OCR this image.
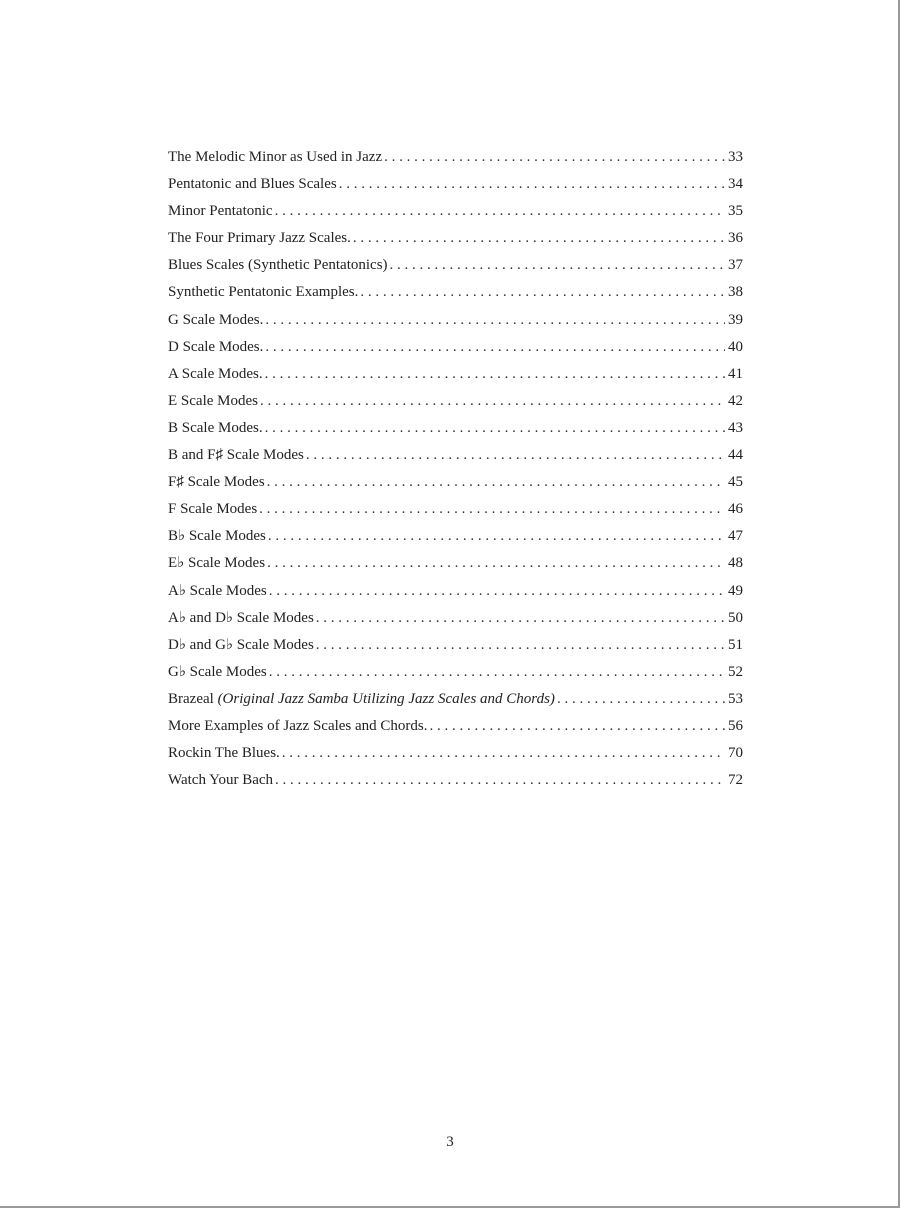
The Melodic Minor as Used in Jazz . . .	33
Pentatonic and Blues Scales . . .	34
Minor Pentatonic . . .	35
The Four Primary Jazz Scales. . . .	36
Blues Scales (Synthetic Pentatonics) . . .	37
Synthetic Pentatonic Examples. . . .	38
G Scale Modes. . . .	39
D Scale Modes. . . .	40
A Scale Modes. . . .	41
E Scale Modes . . .	42
B Scale Modes. . . .	43
B and F♯ Scale Modes . . .	44
F♯ Scale Modes . . .	45
F Scale Modes . . .	46
B♭ Scale Modes . . .	47
E♭ Scale Modes . . .	48
A♭ Scale Modes . . .	49
A♭ and D♭ Scale Modes . . .	50
D♭ and G♭ Scale Modes . . .	51
G♭ Scale Modes . . .	52
Brazeal (Original Jazz Samba Utilizing Jazz Scales and Chords) . . .	53
More Examples of Jazz Scales and Chords. . . .	56
Rockin The Blues. . . .	70
Watch Your Bach . . .	72
3
